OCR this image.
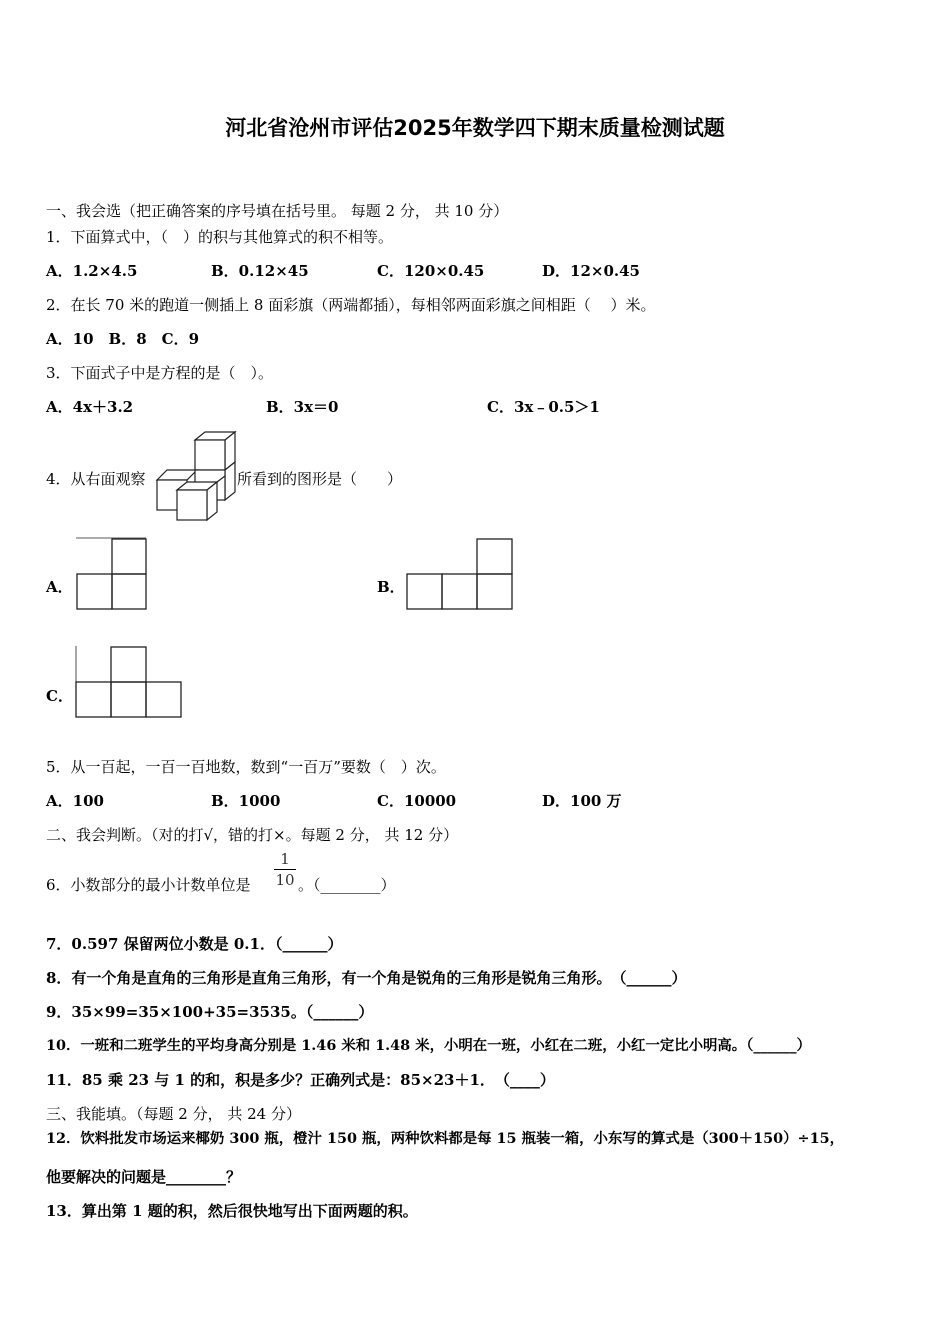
河北省沧州市评估2025年数学四下期末质量检测试题
一、我会选（把正确答案的序号填在括号里。 每题 2 分， 共 10 分）
1．下面算式中，（　）的积与其他算式的积不相等。
A．1.2×4.5	B．0.12×45	C．120×0.45	D．12×0.45
2．在长 70 米的跑道一侧插上 8 面彩旗（两端都插），每相邻两面彩旗之间相距（　 ）米。
A．10　B．8　C．9
3．下面式子中是方程的是（　）。
A．4x＋3.2	B．3x＝0	C．3x﹣0.5＞1
4．从右面观察	所看到的图形是（　　）
A．	B．
C．
5．从一百起，一百一百地数，数到“一百万”要数（　）次。
A．100	B．1000	C．10000	D．100 万
二、我会判断。（对的打√，错的打×。每题 2 分， 共 12 分）
6．小数部分的最小计数单位是
1
10 。（________）
7．0.597 保留两位小数是 0.1．（______）
8．有一个角是直角的三角形是直角三角形，有一个角是锐角的三角形是锐角三角形。　（______）
9．35×99=35×100+35=3535。（______）
10．一班和二班学生的平均身高分别是 1.46 米和 1.48 米，小明在一班，小红在二班，小红一定比小明高。（______）
11．85 乘 23 与 1 的和，积是多少？正确列式是：85×23＋1．　（____）
三、我能填。（每题 2 分， 共 24 分）
12．饮料批发市场运来椰奶 300 瓶，橙汁 150 瓶，两种饮料都是每 15 瓶装一箱，小东写的算式是（300＋150）÷15，
他要解决的问题是________？
13．算出第 1 题的积，然后很快地写出下面两题的积。
